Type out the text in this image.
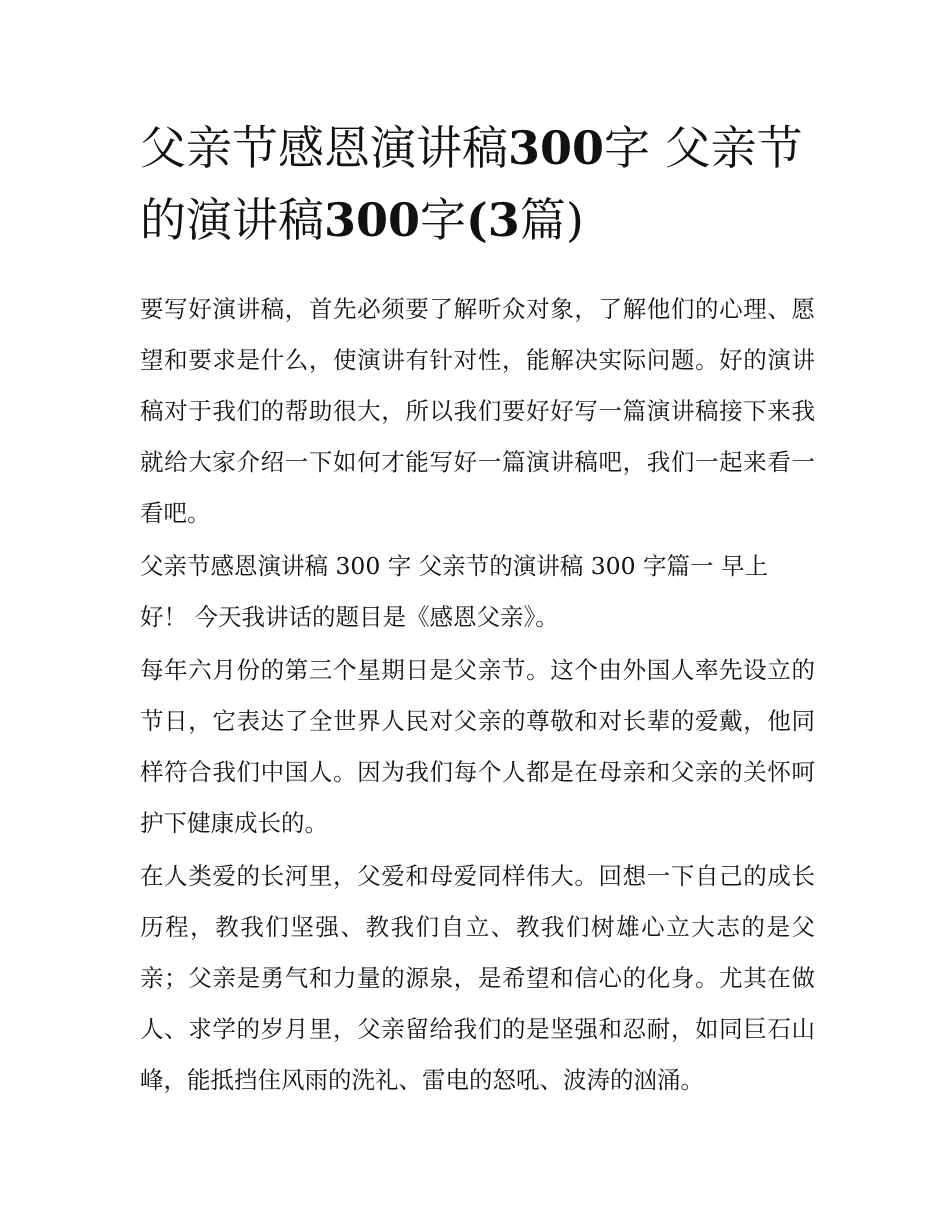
父亲节感恩演讲稿300字 父亲节的演讲稿300字(3篇)

要写好演讲稿，首先必须要了解听众对象，了解他们的心理、愿望和要求是什么，使演讲有针对性，能解决实际问题。好的演讲稿对于我们的帮助很大，所以我们要好好写一篇演讲稿接下来我就给大家介绍一下如何才能写好一篇演讲稿吧，我们一起来看一看吧。

父亲节感恩演讲稿 300 字 父亲节的演讲稿 300 字篇一 早上好！ 今天我讲话的题目是《感恩父亲》。

每年六月份的第三个星期日是父亲节。这个由外国人率先设立的节日，它表达了全世界人民对父亲的尊敬和对长辈的爱戴，他同样符合我们中国人。因为我们每个人都是在母亲和父亲的关怀呵护下健康成长的。

在人类爱的长河里，父爱和母爱同样伟大。回想一下自己的成长历程，教我们坚强、教我们自立、教我们树雄心立大志的是父亲；父亲是勇气和力量的源泉，是希望和信心的化身。尤其在做人、求学的岁月里，父亲留给我们的是坚强和忍耐，如同巨石山峰，能抵挡住风雨的洗礼、雷电的怒吼、波涛的汹涌。
